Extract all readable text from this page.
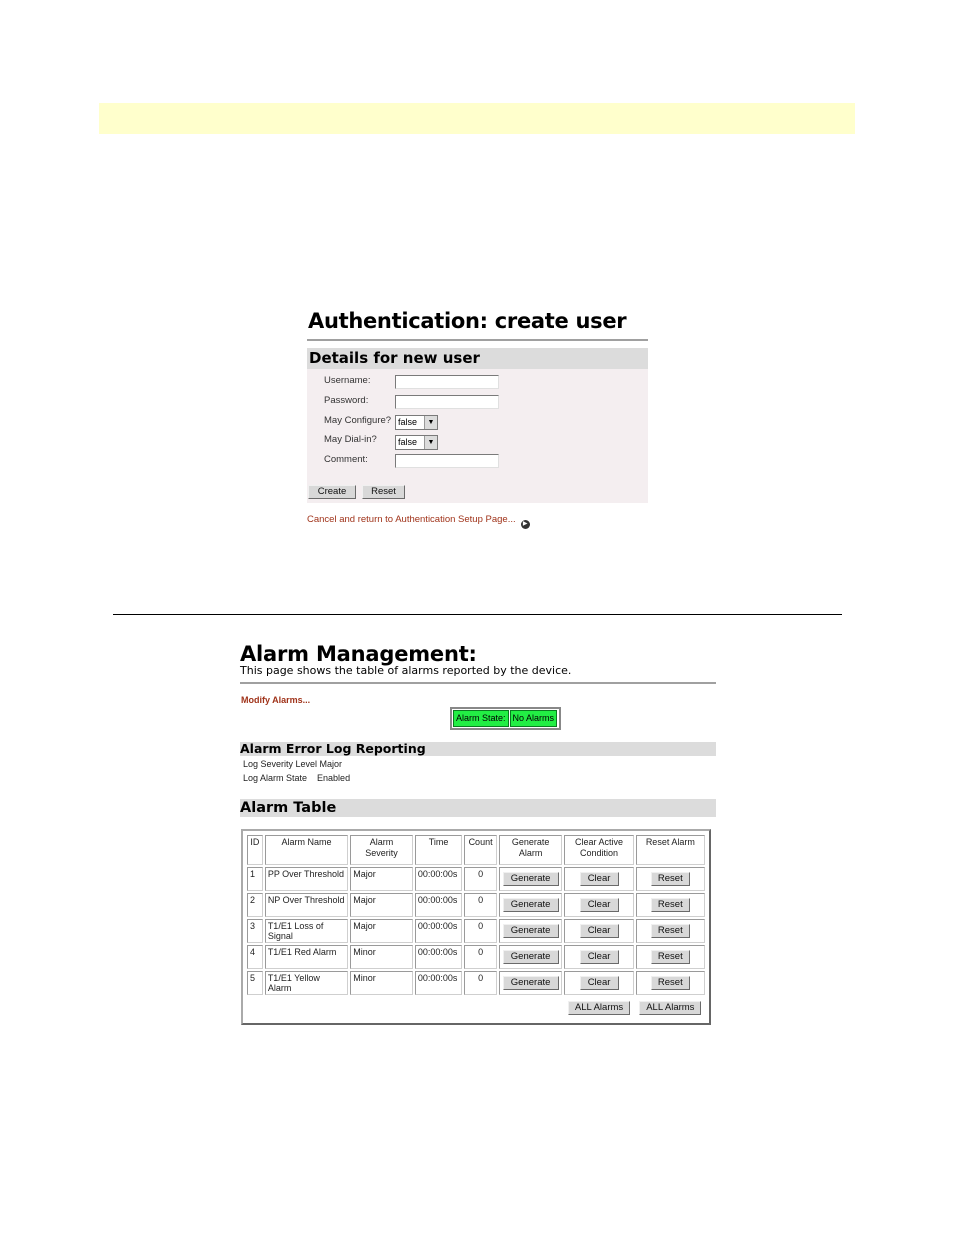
Authentication: create user
Details for new user
Username:
Password:
May Configure? false	▼
May Dial-in?	false	▼
Comment:
Create	Reset
Cancel and return to Authentication Setup Page... ▶
Alarm Management:
This page shows the table of alarms reported by the device.
Modify Alarms...
Alarm State: No Alarms
Alarm Error Log Reporting
Log Severity Level Major
Log Alarm State    Enabled
Alarm Table
ID	Alarm Name	Alarm Severity	Time	Count	Generate Alarm	Clear Active Condition	Reset Alarm
1	PP Over Threshold	Major	00:00:00s	0	Generate	Clear	Reset
2	NP Over Threshold	Major	00:00:00s	0	Generate	Clear	Reset
3	T1/E1 Loss of Signal	Major	00:00:00s	0	Generate	Clear	Reset
4	T1/E1 Red Alarm	Minor	00:00:00s	0	Generate	Clear	Reset
5	T1/E1 Yellow Alarm	Minor	00:00:00s	0	Generate	Clear	Reset
						ALL Alarms	ALL Alarms
